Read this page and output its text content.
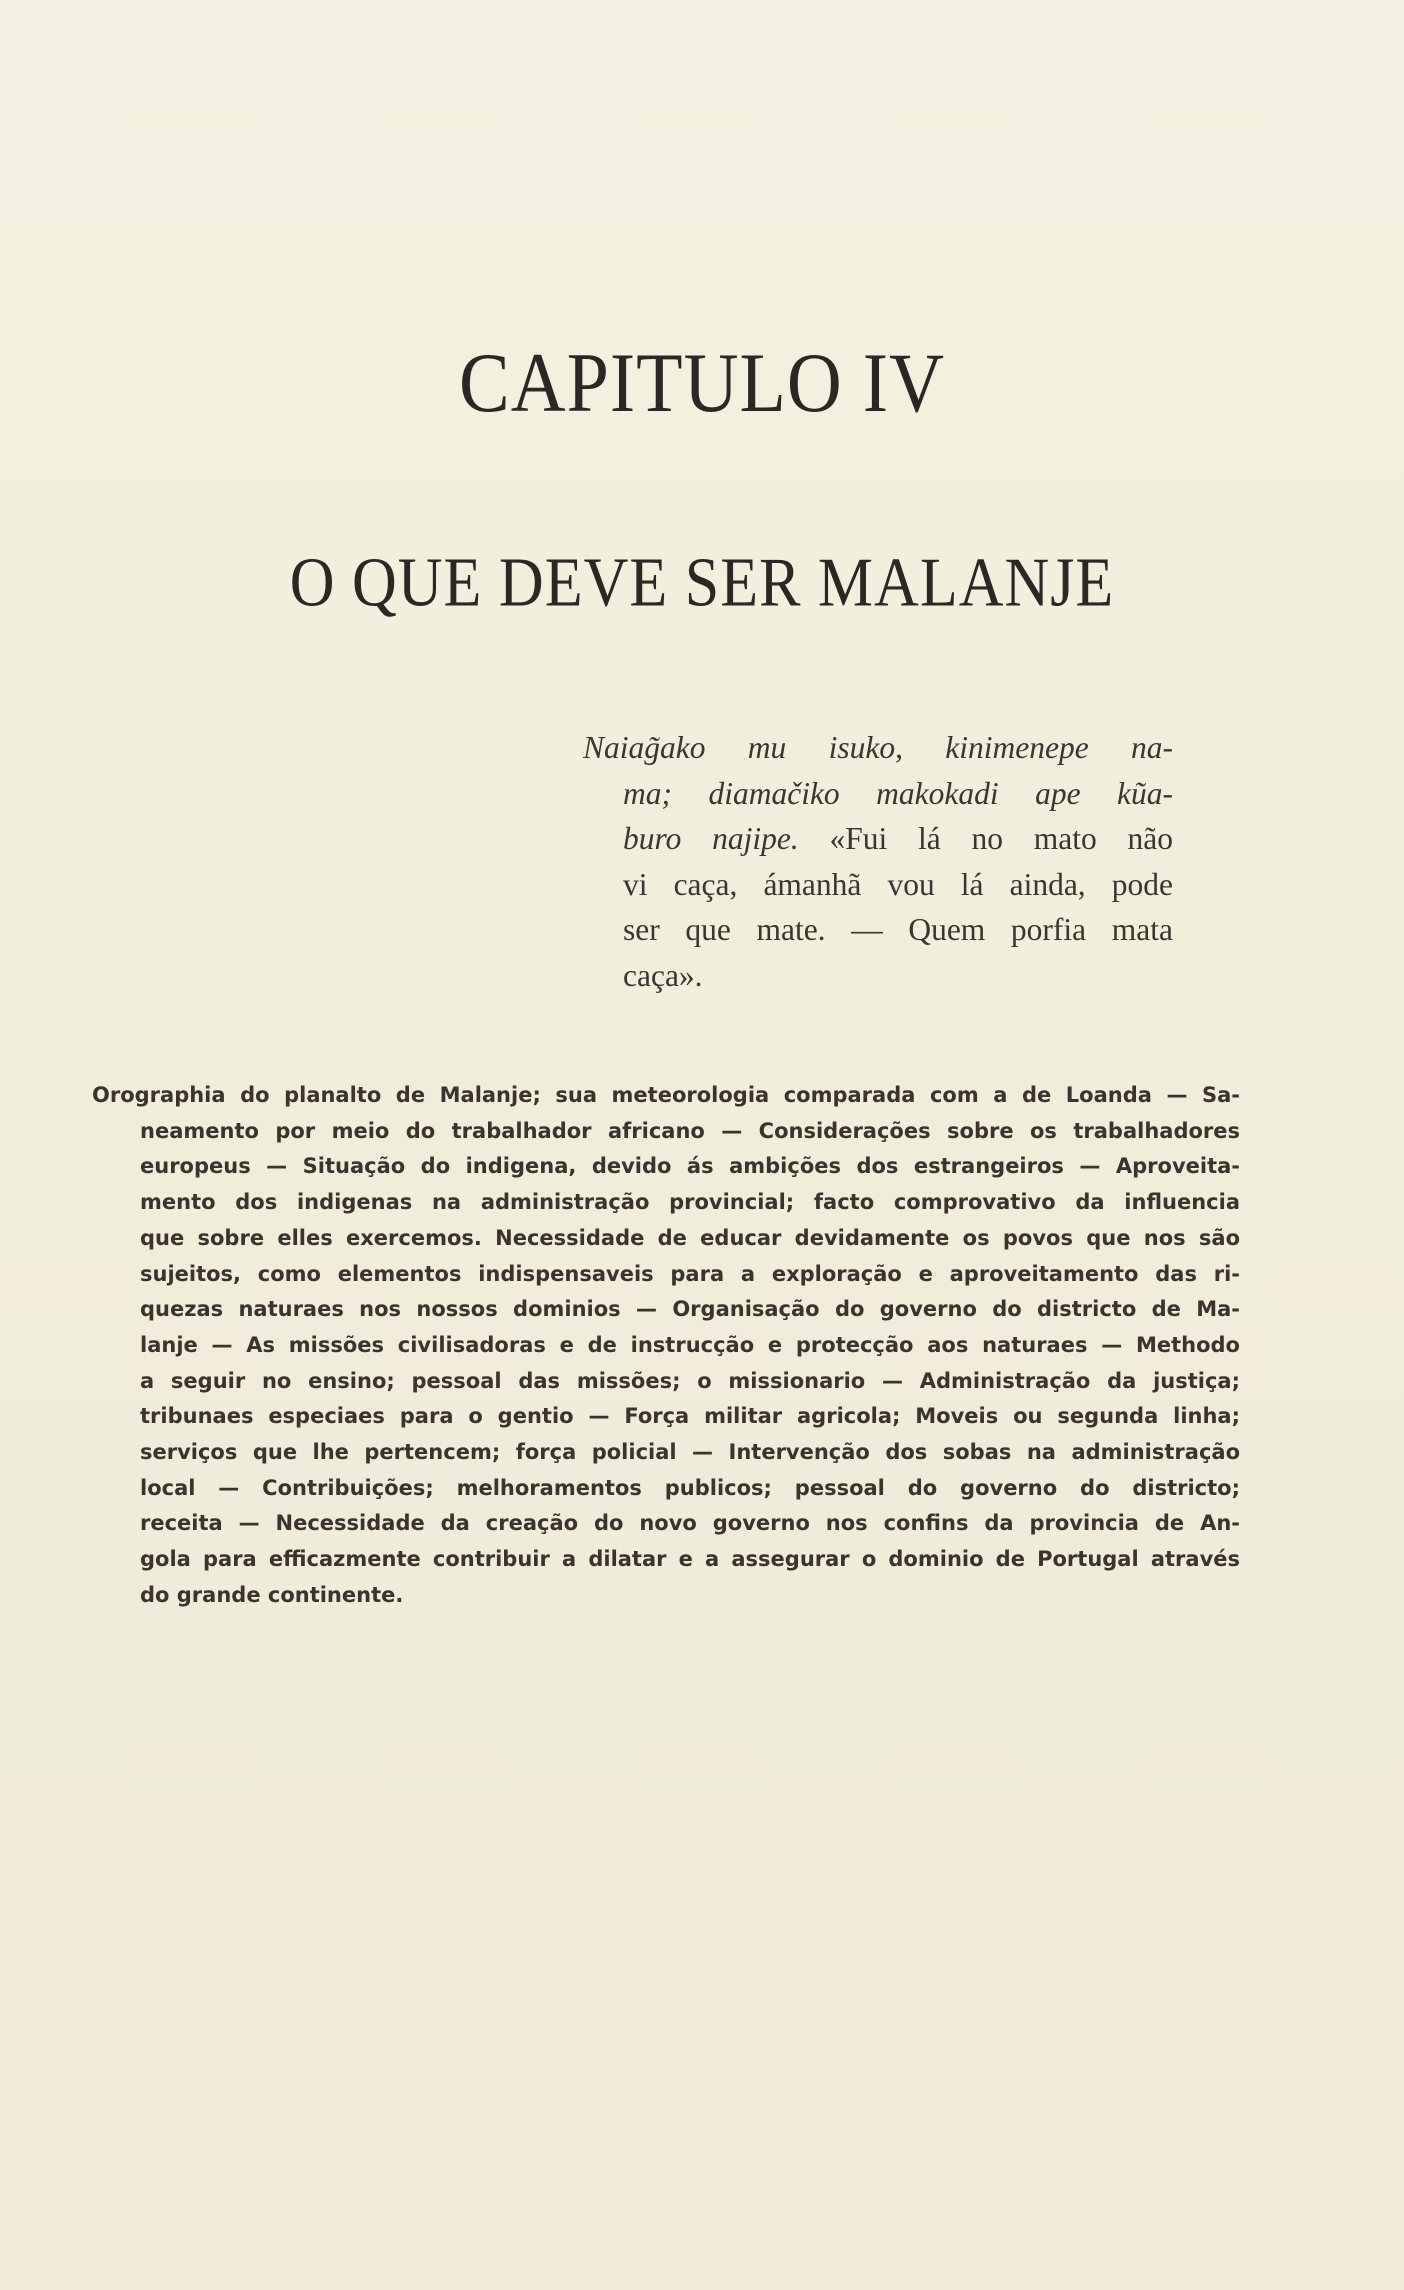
CAPITULO IV
O QUE DEVE SER MALANJE
Naiag̃ako mu isuko, kinimenepe na-
ma; diamačiko makokadi ape kũa-
buro najipe. «Fui lá no mato não
vi caça, ámanhã vou lá ainda, pode
ser que mate. — Quem porfia mata
caça».
Orographia do planalto de Malanje; sua meteorologia comparada com a de Loanda — Sa-
neamento por meio do trabalhador africano — Considerações sobre os trabalhadores
europeus — Situação do indigena, devido ás ambições dos estrangeiros — Aproveita-
mento dos indigenas na administração provincial; facto comprovativo da influencia
que sobre elles exercemos. Necessidade de educar devidamente os povos que nos são
sujeitos, como elementos indispensaveis para a exploração e aproveitamento das ri-
quezas naturaes nos nossos dominios — Organisação do governo do districto de Ma-
lanje — As missões civilisadoras e de instrucção e protecção aos naturaes — Methodo
a seguir no ensino; pessoal das missões; o missionario — Administração da justiça;
tribunaes especiaes para o gentio — Força militar agricola; Moveis ou segunda linha;
serviços que lhe pertencem; força policial — Intervenção dos sobas na administração
local — Contribuições; melhoramentos publicos; pessoal do governo do districto;
receita — Necessidade da creação do novo governo nos confins da provincia de An-
gola para efficazmente contribuir a dilatar e a assegurar o dominio de Portugal através
do grande continente.
